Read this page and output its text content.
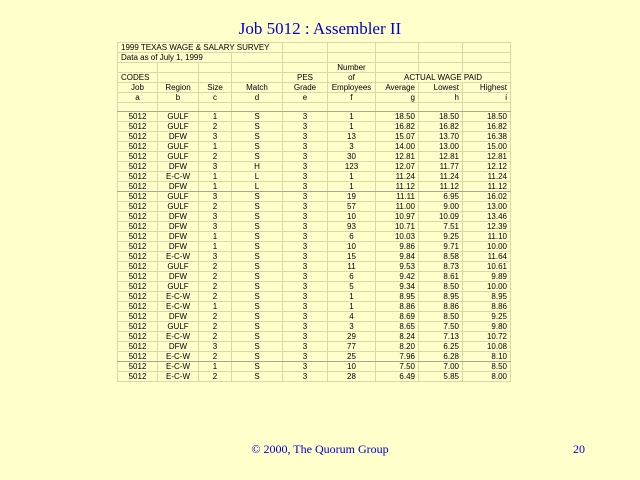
Job 5012 : Assembler II
1999 TEXAS WAGE & SALARY SURVEY								
Data as of July 1, 1999								
					Number			
CODES				PES	of	ACTUAL WAGE PAID		
Job	Region	Size	Match	Grade	Employees	Average	Lowest	Highest
a	b	c	d	e	f	g	h	i

5012	GULF	1	S	3	1	18.50	18.50	18.50
5012	GULF	2	S	3	1	16.82	16.82	16.82
5012	DFW	3	S	3	13	15.07	13.70	16.38
5012	GULF	1	S	3	3	14.00	13.00	15.00
5012	GULF	2	S	3	30	12.81	12.81	12.81
5012	DFW	3	H	3	123	12.07	11.77	12.12
5012	E-C-W	1	L	3	1	11.24	11.24	11.24
5012	DFW	1	L	3	1	11.12	11.12	11.12
5012	GULF	3	S	3	19	11.11	6.95	16.02
5012	GULF	2	S	3	57	11.00	9.00	13.00
5012	DFW	3	S	3	10	10.97	10.09	13.46
5012	DFW	3	S	3	93	10.71	7.51	12.39
5012	DFW	1	S	3	6	10.03	9.25	11.10
5012	DFW	1	S	3	10	9.86	9.71	10.00
5012	E-C-W	3	S	3	15	9.84	8.58	11.64
5012	GULF	2	S	3	11	9.53	8.73	10.61
5012	DFW	2	S	3	6	9.42	8.61	9.89
5012	GULF	2	S	3	5	9.34	8.50	10.00
5012	E-C-W	2	S	3	1	8.95	8.95	8.95
5012	E-C-W	1	S	3	1	8.86	8.86	8.86
5012	DFW	2	S	3	4	8.69	8.50	9.25
5012	GULF	2	S	3	3	8.65	7.50	9.80
5012	E-C-W	2	S	3	29	8.24	7.13	10.72
5012	DFW	3	S	3	77	8.20	6.25	10.08
5012	E-C-W	2	S	3	25	7.96	6.28	8.10
5012	E-C-W	1	S	3	10	7.50	7.00	8.50
5012	E-C-W	2	S	3	28	6.49	5.85	8.00
© 2000, The Quorum Group	20
